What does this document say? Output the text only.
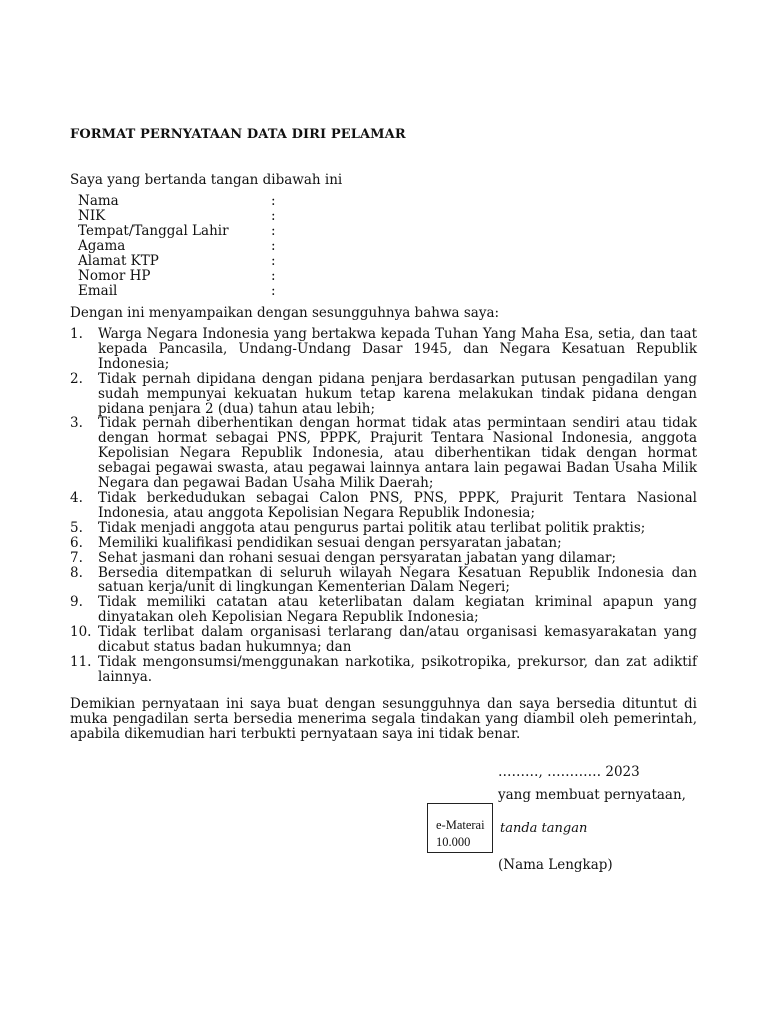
FORMAT PERNYATAAN DATA DIRI PELAMAR
Saya yang bertanda tangan dibawah ini
Nama	:
NIK	:
Tempat/Tanggal Lahir	:
Agama	:
Alamat KTP	:
Nomor HP	:
Email	:
Dengan ini menyampaikan dengan sesungguhnya bahwa saya:
1. Warga Negara Indonesia yang bertakwa kepada Tuhan Yang Maha Esa, setia, dan taat kepada Pancasila, Undang-Undang Dasar 1945, dan Negara Kesatuan Republik Indonesia;
2. Tidak pernah dipidana dengan pidana penjara berdasarkan putusan pengadilan yang sudah mempunyai kekuatan hukum tetap karena melakukan tindak pidana dengan pidana penjara 2 (dua) tahun atau lebih;
3. Tidak pernah diberhentikan dengan hormat tidak atas permintaan sendiri atau tidak dengan hormat sebagai PNS, PPPK, Prajurit Tentara Nasional Indonesia, anggota Kepolisian Negara Republik Indonesia, atau diberhentikan tidak dengan hormat sebagai pegawai swasta, atau pegawai lainnya antara lain pegawai Badan Usaha Milik Negara dan pegawai Badan Usaha Milik Daerah;
4. Tidak berkedudukan sebagai Calon PNS, PNS, PPPK, Prajurit Tentara Nasional Indonesia, atau anggota Kepolisian Negara Republik Indonesia;
5. Tidak menjadi anggota atau pengurus partai politik atau terlibat politik praktis;
6. Memiliki kualifikasi pendidikan sesuai dengan persyaratan jabatan;
7. Sehat jasmani dan rohani sesuai dengan persyaratan jabatan yang dilamar;
8. Bersedia ditempatkan di seluruh wilayah Negara Kesatuan Republik Indonesia dan satuan kerja/unit di lingkungan Kementerian Dalam Negeri;
9. Tidak memiliki catatan atau keterlibatan dalam kegiatan kriminal apapun yang dinyatakan oleh Kepolisian Negara Republik Indonesia;
10. Tidak terlibat dalam organisasi terlarang dan/atau organisasi kemasyarakatan yang dicabut status badan hukumnya; dan
11. Tidak mengonsumsi/menggunakan narkotika, psikotropika, prekursor, dan zat adiktif lainnya.
Demikian pernyataan ini saya buat dengan sesungguhnya dan saya bersedia dituntut di muka pengadilan serta bersedia menerima segala tindakan yang diambil oleh pemerintah, apabila dikemudian hari terbukti pernyataan saya ini tidak benar.
………, ………… 2023
yang membuat pernyataan,
e-Materai
10.000
tanda tangan
(Nama Lengkap)
